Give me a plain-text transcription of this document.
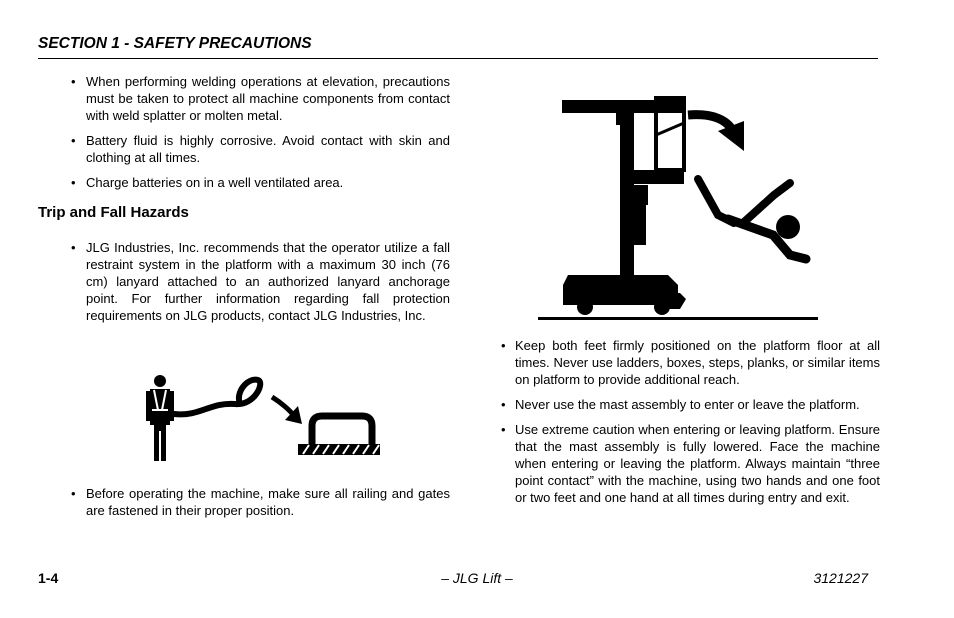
SECTION 1 - SAFETY PRECAUTIONS
• When performing welding operations at elevation, precautions must be taken to protect all machine components from contact with weld splatter or molten metal.
• Battery fluid is highly corrosive. Avoid contact with skin and clothing at all times.
• Charge batteries on in a well ventilated area.
Trip and Fall Hazards
• JLG Industries, Inc. recommends that the operator utilize a fall restraint system in the platform with a maximum 30 inch (76 cm) lanyard attached to an authorized lanyard anchorage point. For further information regarding fall protection requirements on JLG products, contact JLG Industries, Inc.
• Before operating the machine, make sure all railing and gates are fastened in their proper position.
• Keep both feet firmly positioned on the platform floor at all times. Never use ladders, boxes, steps, planks, or similar items on platform to provide additional reach.
• Never use the mast assembly to enter or leave the platform.
• Use extreme caution when entering or leaving platform. Ensure that the mast assembly is fully lowered. Face the machine when entering or leaving the platform. Always maintain “three point contact” with the machine, using two hands and one foot or two feet and one hand at all times during entry and exit.
1-4	– JLG Lift –	3121227
